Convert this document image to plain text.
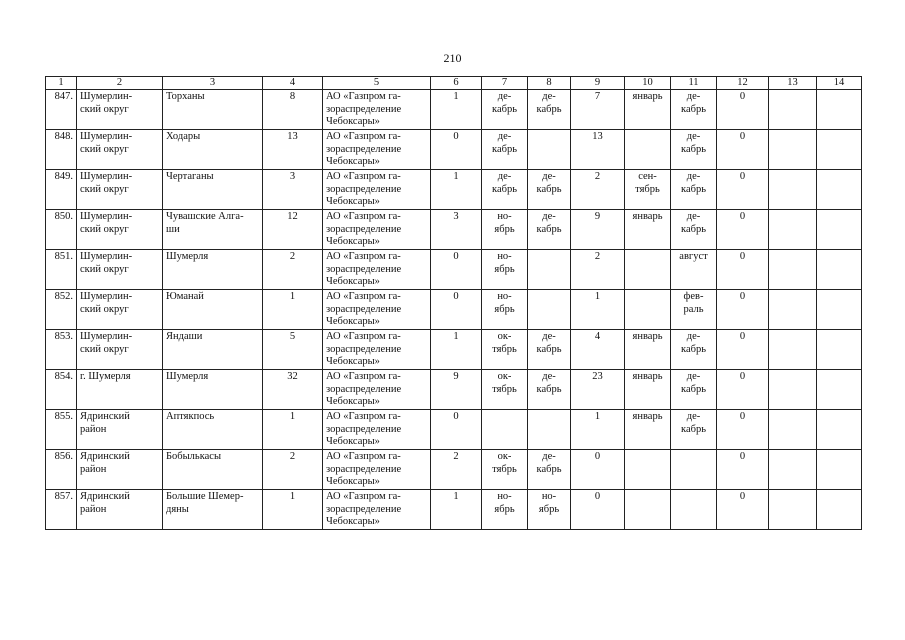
210
1	2	3	4	5	6	7	8	9	10	11	12	13	14
847.	Шумерлин-
ский округ	Торханы	8	АО «Газпром га-
зораспределение
Чебоксары»	1	де-
кабрь	де-
кабрь	7	январь	де-
кабрь	0		
848.	Шумерлин-
ский округ	Ходары	13	АО «Газпром га-
зораспределение
Чебоксары»	0	де-
кабрь		13		де-
кабрь	0		
849.	Шумерлин-
ский округ	Чертаганы	3	АО «Газпром га-
зораспределение
Чебоксары»	1	де-
кабрь	де-
кабрь	2	сен-
тябрь	де-
кабрь	0		
850.	Шумерлин-
ский округ	Чувашские Алга-
ши	12	АО «Газпром га-
зораспределение
Чебоксары»	3	но-
ябрь	де-
кабрь	9	январь	де-
кабрь	0		
851.	Шумерлин-
ский округ	Шумерля	2	АО «Газпром га-
зораспределение
Чебоксары»	0	но-
ябрь		2		август	0		
852.	Шумерлин-
ский округ	Юманай	1	АО «Газпром га-
зораспределение
Чебоксары»	0	но-
ябрь		1		фев-
раль	0		
853.	Шумерлин-
ский округ	Яндаши	5	АО «Газпром га-
зораспределение
Чебоксары»	1	ок-
тябрь	де-
кабрь	4	январь	де-
кабрь	0		
854.	г. Шумерля	Шумерля	32	АО «Газпром га-
зораспределение
Чебоксары»	9	ок-
тябрь	де-
кабрь	23	январь	де-
кабрь	0		
855.	Ядринский
район	Аптякпось	1	АО «Газпром га-
зораспределение
Чебоксары»	0			1	январь	де-
кабрь	0		
856.	Ядринский
район	Бобылькасы	2	АО «Газпром га-
зораспределение
Чебоксары»	2	ок-
тябрь	де-
кабрь	0			0		
857.	Ядринский
район	Большие Шемер-
дяны	1	АО «Газпром га-
зораспределение
Чебоксары»	1	но-
ябрь	но-
ябрь	0			0		
